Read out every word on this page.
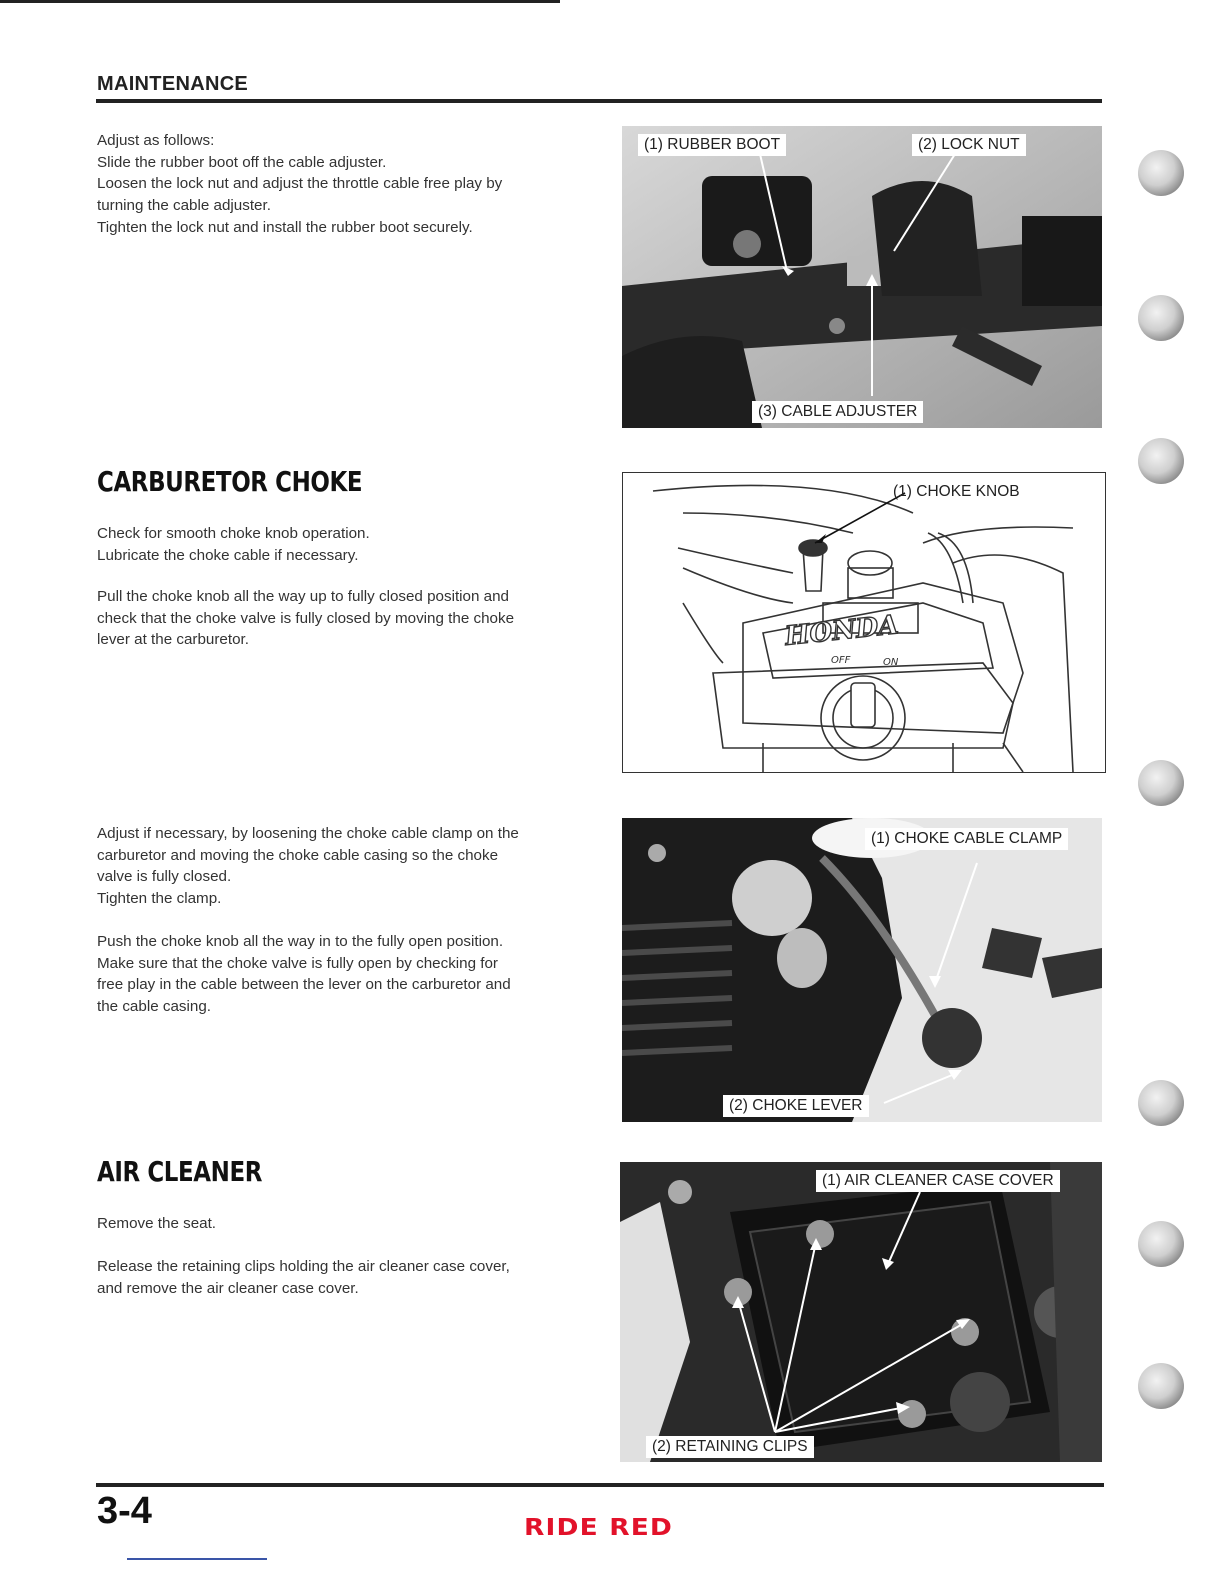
MAINTENANCE
Adjust as follows:
Slide the rubber boot off the cable adjuster.
Loosen the lock nut and adjust the throttle cable free play by
turning the cable adjuster.
Tighten the lock nut and install the rubber boot securely.
(1) RUBBER BOOT	(2) LOCK NUT
(3) CABLE ADJUSTER
CARBURETOR CHOKE
Check for smooth choke knob operation.
Lubricate the choke cable if necessary.
Pull the choke knob all the way up to fully closed position and
check that the choke valve is fully closed by moving the choke
lever at the carburetor.	HONDA
OFF	ON
(1) CHOKE KNOB
Adjust if necessary, by loosening the choke cable clamp on the
carburetor and moving the choke cable casing so the choke
valve is fully closed.
Tighten the clamp.
Push the choke knob all the way in to the fully open position.
Make sure that the choke valve is fully open by checking for
free play in the cable between the lever on the carburetor and
the cable casing.
(1) CHOKE CABLE CLAMP
(2) CHOKE LEVER
AIR CLEANER
Remove the seat.
Release the retaining clips holding the air cleaner case cover,
and remove the air cleaner case cover.
(1) AIR CLEANER CASE COVER
(2) RETAINING CLIPS
3-4	RIDE RED
